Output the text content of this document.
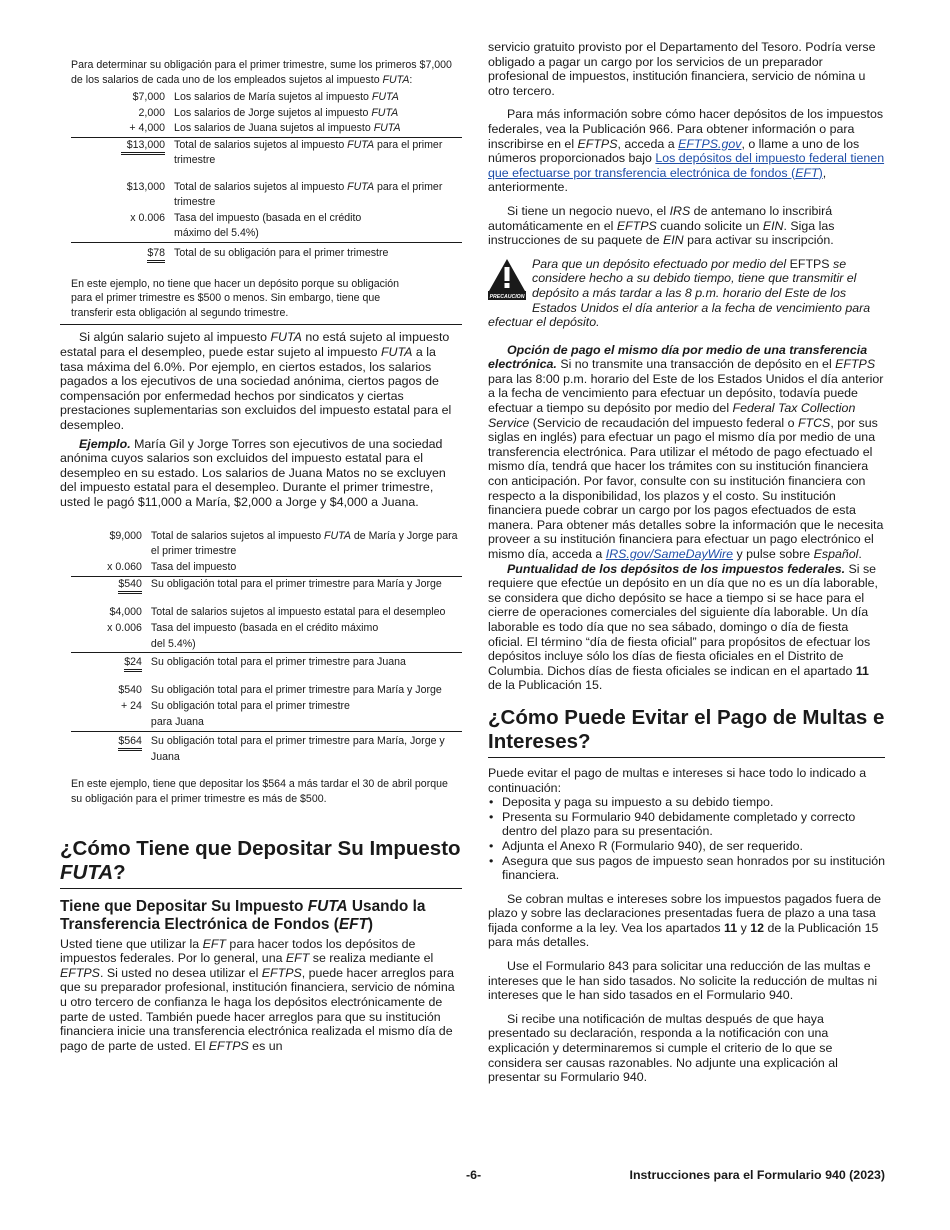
Para determinar su obligación para el primer trimestre, sume los primeros $7,000 de los salarios de cada uno de los empleados sujetos al impuesto FUTA:

$7,000	Los salarios de María sujetos al impuesto FUTA
2,000	Los salarios de Jorge sujetos al impuesto FUTA
+ 4,000	Los salarios de Juana sujetos al impuesto FUTA

$13,000	Total de salarios sujetos al impuesto FUTA para el primer trimestre

$13,000	Total de salarios sujetos al impuesto FUTA para el primer trimestre
x 0.006	Tasa del impuesto (basada en el crédito máximo del 5.4%)
$78	Total de su obligación para el primer trimestre

En este ejemplo, no tiene que hacer un depósito porque su obligación para el primer trimestre es $500 o menos. Sin embargo, tiene que transferir esta obligación al segundo trimestre.

Si algún salario sujeto al impuesto FUTA no está sujeto al impuesto estatal para el desempleo, puede estar sujeto al impuesto FUTA a la tasa máxima del 6.0%. Por ejemplo, en ciertos estados, los salarios pagados a los ejecutivos de una sociedad anónima, ciertos pagos de compensación por enfermedad hechos por sindicatos y ciertas prestaciones suplementarias son excluidos del impuesto estatal para el desempleo.

Ejemplo. María Gil y Jorge Torres son ejecutivos de una sociedad anónima cuyos salarios son excluidos del impuesto estatal para el desempleo en su estado. Los salarios de Juana Matos no se excluyen del impuesto estatal para el desempleo. Durante el primer trimestre, usted le pagó $11,000 a María, $2,000 a Jorge y $4,000 a Juana.

$9,000	Total de salarios sujetos al impuesto FUTA de María y Jorge para el primer trimestre
x 0.060	Tasa del impuesto
$540	Su obligación total para el primer trimestre para María y Jorge

$4,000	Total de salarios sujetos al impuesto estatal para el desempleo
x 0.006	Tasa del impuesto (basada en el crédito máximo del 5.4%)
$24	Su obligación total para el primer trimestre para Juana

$540	Su obligación total para el primer trimestre para María y Jorge
+ 24	Su obligación total para el primer trimestre para Juana
$564	Su obligación total para el primer trimestre para María, Jorge y Juana

En este ejemplo, tiene que depositar los $564 a más tardar el 30 de abril porque su obligación para el primer trimestre es más de $500.

¿Cómo Tiene que Depositar Su Impuesto FUTA?
Tiene que Depositar Su Impuesto FUTA Usando la Transferencia Electrónica de Fondos (EFT)

Usted tiene que utilizar la EFT para hacer todos los depósitos de impuestos federales. Por lo general, una EFT se realiza mediante el EFTPS. Si usted no desea utilizar el EFTPS, puede hacer arreglos para que su preparador profesional, institución financiera, servicio de nómina u otro tercero de confianza le haga los depósitos electrónicamente de parte de usted. También puede hacer arreglos para que su institución financiera inicie una transferencia electrónica realizada el mismo día de pago de parte de usted. El EFTPS es un

servicio gratuito provisto por el Departamento del Tesoro. Podría verse obligado a pagar un cargo por los servicios de un preparador profesional de impuestos, institución financiera, servicio de nómina u otro tercero.

Para más información sobre cómo hacer depósitos de los impuestos federales, vea la Publicación 966. Para obtener información o para inscribirse en el EFTPS, acceda a EFTPS.gov, o llame a uno de los números proporcionados bajo Los depósitos del impuesto federal tienen que efectuarse por transferencia electrónica de fondos (EFT), anteriormente.

Si tiene un negocio nuevo, el IRS de antemano lo inscribirá automáticamente en el EFTPS cuando solicite un EIN. Siga las instrucciones de su paquete de EIN para activar su inscripción.

PRECAUCION
Para que un depósito efectuado por medio del EFTPS se considere hecho a su debido tiempo, tiene que transmitir el depósito a más tardar a las 8 p.m. horario del Este de los Estados Unidos el día anterior a la fecha de vencimiento para efectuar el depósito.

Opción de pago el mismo día por medio de una transferencia electrónica. Si no transmite una transacción de depósito en el EFTPS para las 8:00 p.m. horario del Este de los Estados Unidos el día anterior a la fecha de vencimiento para efectuar un depósito, todavía puede efectuar a tiempo su depósito por medio del Federal Tax Collection Service (Servicio de recaudación del impuesto federal o FTCS, por sus siglas en inglés) para efectuar un pago el mismo día por medio de una transferencia electrónica. Para utilizar el método de pago efectuado el mismo día, tendrá que hacer los trámites con su institución financiera con anticipación. Por favor, consulte con su institución financiera con respecto a la disponibilidad, los plazos y el costo. Su institución financiera puede cobrar un cargo por los pagos efectuados de esta manera. Para obtener más detalles sobre la información que le necesita proveer a su institución financiera para efectuar un pago electrónico el mismo día, acceda a IRS.gov/SameDayWire y pulse sobre Español.

Puntualidad de los depósitos de los impuestos federales. Si se requiere que efectúe un depósito en un día que no es un día laborable, se considera que dicho depósito se hace a tiempo si se hace para el cierre de operaciones comerciales del siguiente día laborable. Un día laborable es todo día que no sea sábado, domingo o día de fiesta oficial. El término “día de fiesta oficial” para propósitos de efectuar los depósitos incluye sólo los días de fiesta oficiales en el Distrito de Columbia. Dichos días de fiesta oficiales se indican en el apartado 11 de la Publicación 15.

¿Cómo Puede Evitar el Pago de Multas e Intereses?

Puede evitar el pago de multas e intereses si hace todo lo indicado a continuación:

• Deposita y paga su impuesto a su debido tiempo.
• Presenta su Formulario 940 debidamente completado y correcto dentro del plazo para su presentación.
• Adjunta el Anexo R (Formulario 940), de ser requerido.
• Asegura que sus pagos de impuesto sean honrados por su institución financiera.

Se cobran multas e intereses sobre los impuestos pagados fuera de plazo y sobre las declaraciones presentadas fuera de plazo a una tasa fijada conforme a la ley. Vea los apartados 11 y 12 de la Publicación 15 para más detalles.

Use el Formulario 843 para solicitar una reducción de las multas e intereses que le han sido tasados. No solicite la reducción de multas ni intereses que le han sido tasados en el Formulario 940.

Si recibe una notificación de multas después de que haya presentado su declaración, responda a la notificación con una explicación y determinaremos si cumple el criterio de lo que se considera ser causas razonables. No adjunte una explicación al presentar su Formulario 940.

-6-	Instrucciones para el Formulario 940 (2023)
